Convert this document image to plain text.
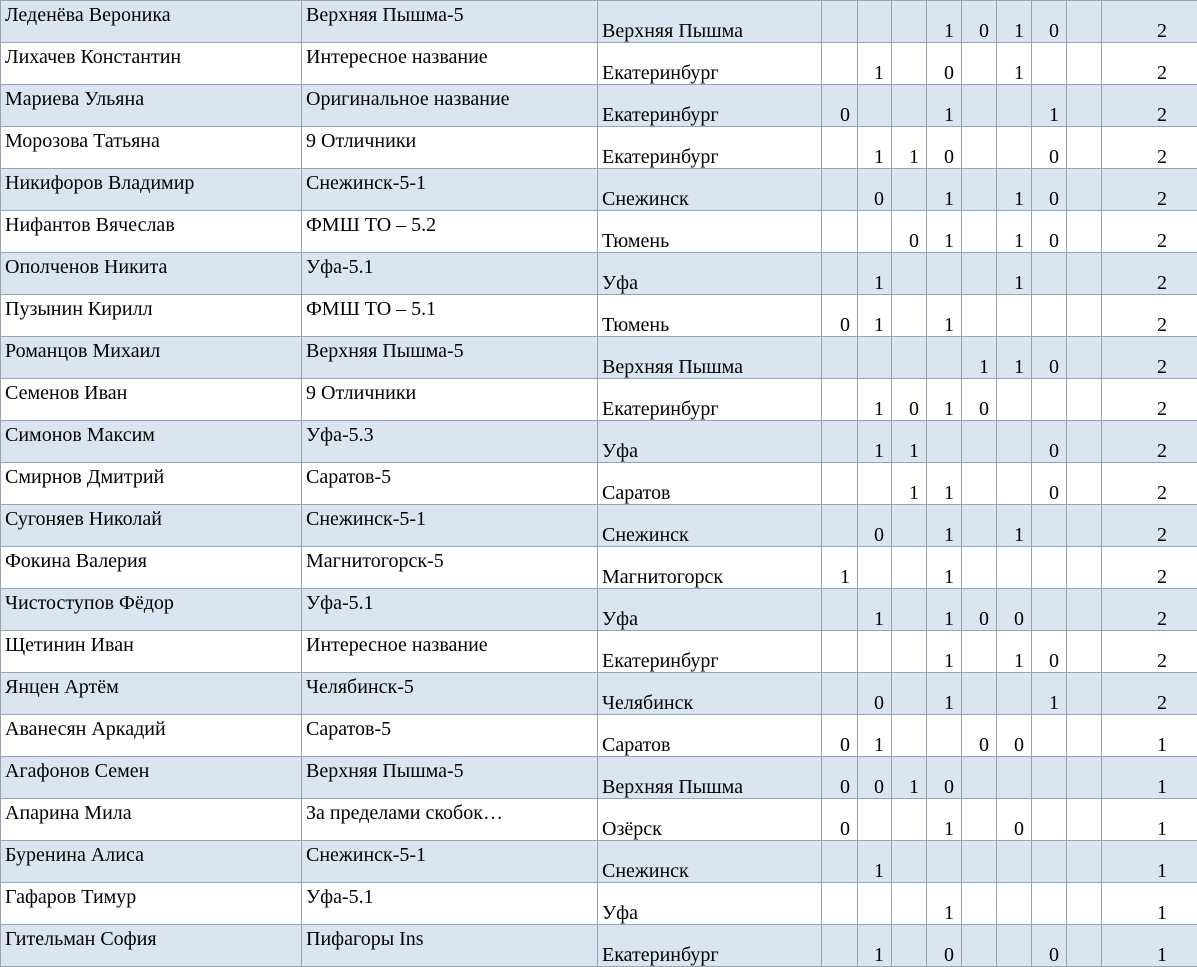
Леденёва Вероника	Верхняя Пышма-5	Верхняя Пышма				1	0	1	0		2
Лихачев Константин	Интересное название	Екатеринбург		1		0		1			2
Мариева Ульяна	Оригинальное название	Екатеринбург	0			1			1		2
Морозова Татьяна	9 Отличники	Екатеринбург		1	1	0			0		2
Никифоров Владимир	Снежинск-5-1	Снежинск		0		1		1	0		2
Нифантов Вячеслав	ФМШ ТО – 5.2	Тюмень			0	1		1	0		2
Ополченов Никита	Уфа-5.1	Уфа		1				1			2
Пузынин Кирилл	ФМШ ТО – 5.1	Тюмень	0	1		1					2
Романцов Михаил	Верхняя Пышма-5	Верхняя Пышма					1	1	0		2
Семенов Иван	9 Отличники	Екатеринбург		1	0	1	0				2
Симонов Максим	Уфа-5.3	Уфа		1	1				0		2
Смирнов Дмитрий	Саратов-5	Саратов			1	1			0		2
Сугоняев Николай	Снежинск-5-1	Снежинск		0		1		1			2
Фокина Валерия	Магнитогорск-5	Магнитогорск	1			1					2
Чистоступов Фёдор	Уфа-5.1	Уфа		1		1	0	0			2
Щетинин Иван	Интересное название	Екатеринбург				1		1	0		2
Янцен Артём	Челябинск-5	Челябинск		0		1			1		2
Аванесян Аркадий	Саратов-5	Саратов	0	1			0	0			1
Агафонов Семен	Верхняя Пышма-5	Верхняя Пышма	0	0	1	0					1
Апарина Мила	За пределами скобок…	Озёрск	0			1		0			1
Буренина Алиса	Снежинск-5-1	Снежинск		1							1
Гафаров Тимур	Уфа-5.1	Уфа				1					1
Гительман София	Пифагоры Ins	Екатеринбург		1		0			0		1
